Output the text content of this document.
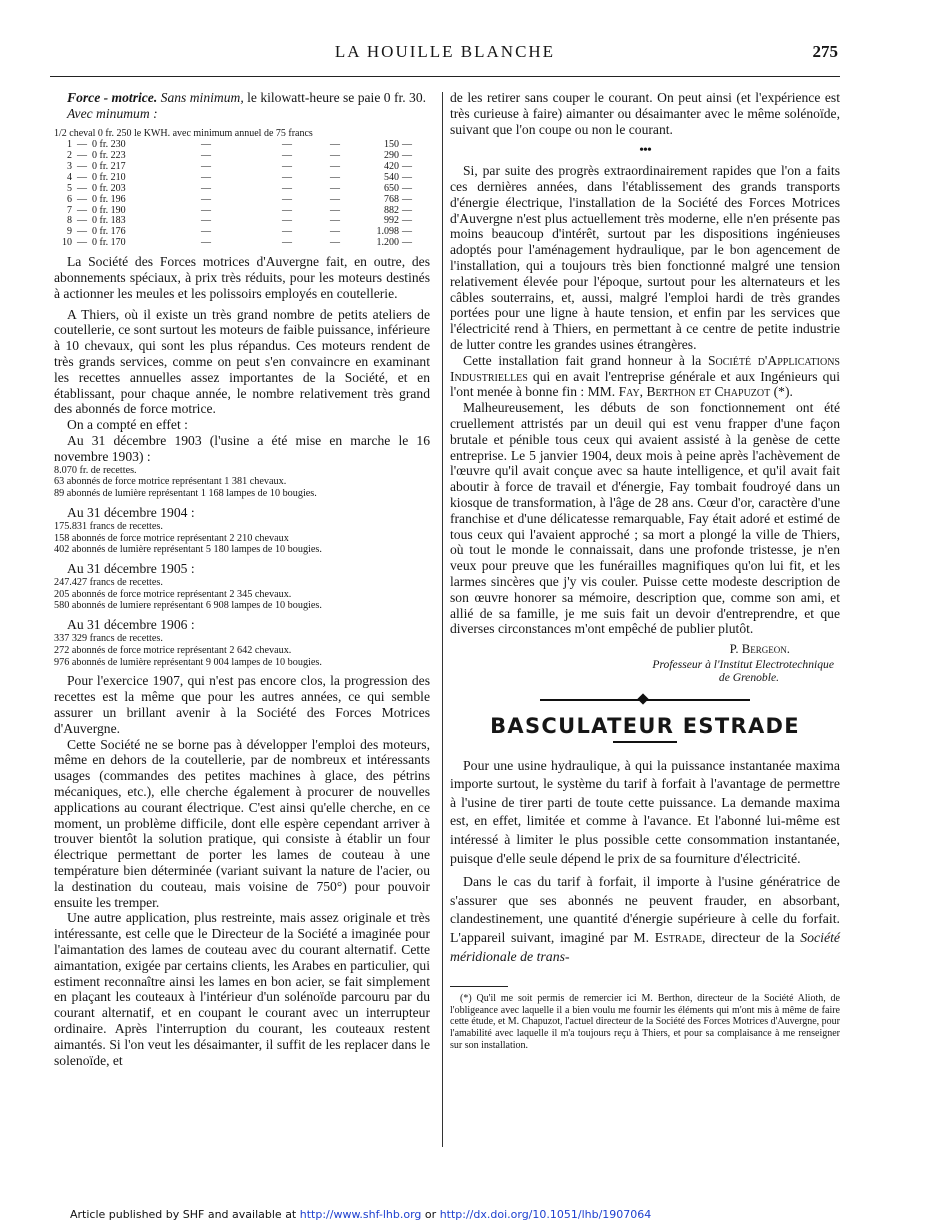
LA HOUILLE BLANCHE	275

Force - motrice. Sans minimum, le kilowatt-heure se paie 0 fr. 30.

Avec minumum :

1/2 cheval 0 fr. 250 le KWH. avec minimum annuel de 75 francs
1	—	0 fr. 230	—	—	—	150	—
2	—	0 fr. 223	—	—	—	290	—
3	—	0 fr. 217	—	—	—	420	—
4	—	0 fr. 210	—	—	—	540	—
5	—	0 fr. 203	—	—	—	650	—
6	—	0 fr. 196	—	—	—	768	—
7	—	0 fr. 190	—	—	—	882	—
8	—	0 fr. 183	—	—	—	992	—
9	—	0 fr. 176	—	—	—	1.098	—
10	—	0 fr. 170	—	—	—	1.200	—

La Société des Forces motrices d'Auvergne fait, en outre, des abonnements spéciaux, à prix très réduits, pour les moteurs destinés à actionner les meules et les polissoirs employés en coutellerie.

A Thiers, où il existe un très grand nombre de petits ateliers de coutellerie, ce sont surtout les moteurs de faible puissance, inférieure à 10 chevaux, qui sont les plus répandus. Ces moteurs rendent de très grands services, comme on peut s'en convaincre en examinant les recettes annuelles assez importantes de la Société, et en établissant, pour chaque année, le nombre relativement très grand des abonnés de force motrice.

On a compté en effet :

Au 31 décembre 1903 (l'usine a été mise en marche le 16 novembre 1903) :

8.070 fr. de recettes.
63 abonnés de force motrice représentant 1 381 chevaux.
89 abonnés de lumière représentant 1 168 lampes de 10 bougies.

Au 31 décembre 1904 :

175.831 francs de recettes.
158 abonnés de force motrice représentant 2 210 chevaux
402 abonnés de lumière représentant 5 180 lampes de 10 bougies.

Au 31 décembre 1905 :

247.427 francs de recettes.
205 abonnés de force motrice représentant 2 345 chevaux.
580 abonnés de lumiere représentant 6 908 lampes de 10 bougies.

Au 31 décembre 1906 :

337 329 francs de recettes.
272 abonnés de force motrice représentant 2 642 chevaux.
976 abonnés de lumière représentant 9 004 lampes de 10 bougies.

Pour l'exercice 1907, qui n'est pas encore clos, la progression des recettes est la même que pour les autres années, ce qui semble assurer un brillant avenir à la Société des Forces Motrices d'Auvergne.

Cette Société ne se borne pas à développer l'emploi des moteurs, même en dehors de la coutellerie, par de nombreux et intéressants usages (commandes des petites machines à glace, des pétrins mécaniques, etc.), elle cherche également à procurer de nouvelles applications au courant électrique. C'est ainsi qu'elle cherche, en ce moment, un problème difficile, dont elle espère cependant arriver à trouver bientôt la solution pratique, qui consiste à établir un four électrique permettant de porter les lames de couteau à une température bien déterminée (variant suivant la nature de l'acier, ou la destination du couteau, mais voisine de 750°) pour pouvoir ensuite les tremper.

Une autre application, plus restreinte, mais assez originale et très intéressante, est celle que le Directeur de la Société a imaginée pour l'aimantation des lames de couteau avec du courant alternatif. Cette aimantation, exigée par certains clients, les Arabes en particulier, qui estiment reconnaître ainsi les lames en bon acier, se fait simplement en plaçant les couteaux à l'intérieur d'un solénoïde parcouru par du courant alternatif, et en coupant le courant avec un interrupteur ordinaire. Après l'interruption du courant, les couteaux restent aimantés. Si l'on veut les désaimanter, il suffit de les replacer dans le solenoïde, et

de les retirer sans couper le courant. On peut ainsi (et l'expérience est très curieuse à faire) aimanter ou désaimanter avec le même solénoïde, suivant que l'on coupe ou non le courant.

•••

Si, par suite des progrès extraordinairement rapides que l'on a faits ces dernières années, dans l'établissement des grands transports d'énergie électrique, l'installation de la Société des Forces Motrices d'Auvergne n'est plus actuellement très moderne, elle n'en présente pas moins beaucoup d'intérêt, surtout par les dispositions ingénieuses adoptés pour l'aménagement hydraulique, par le bon agencement de l'installation, qui a toujours très bien fonctionné malgré une tension relativement élevée pour l'époque, surtout pour les alternateurs et les câbles souterrains, et, aussi, malgré l'emploi hardi de très grandes portées pour une ligne à haute tension, et enfin par les services que l'électricité rend à Thiers, en permettant à ce centre de petite industrie de lutter contre les grandes usines étrangères.

Cette installation fait grand honneur à la Société d'Applications Industrielles qui en avait l'entreprise générale et aux Ingénieurs qui l'ont menée à bonne fin : MM. Fay, Berthon et Chapuzot (*).

Malheureusement, les débuts de son fonctionnement ont été cruellement attristés par un deuil qui est venu frapper d'une façon brutale et pénible tous ceux qui avaient assisté à la genèse de cette entreprise. Le 5 janvier 1904, deux mois à peine après l'achèvement de l'œuvre qu'il avait conçue avec sa haute intelligence, et qu'il avait fait aboutir à force de travail et d'énergie, Fay tombait foudroyé dans un kiosque de transformation, à l'âge de 28 ans. Cœur d'or, caractère d'une franchise et d'une délicatesse remarquable, Fay était adoré et estimé de tous ceux qui l'avaient approché ; sa mort a plongé la ville de Thiers, où tout le monde le connaissait, dans une profonde tristesse, je n'en veux pour preuve que les funérailles magnifiques qu'on lui fit, et les larmes sincères que j'y vis couler. Puisse cette modeste description de son œuvre honorer sa mémoire, description que, comme son ami, et allié de sa famille, je me suis fait un devoir d'entreprendre, et que diverses circonstances m'ont empêché de publier plutôt.

P. Bergeon.

Professeur à l'Institut Electrotechnique
de Grenoble.

BASCULATEUR ESTRADE

Pour une usine hydraulique, à qui la puissance instantanée maxima importe surtout, le système du tarif à forfait à l'avantage de permettre à l'usine de tirer parti de toute cette puissance. La demande maxima est, en effet, limitée et comme à l'avance. Et l'abonné lui-même est intéressé à limiter le plus possible cette consommation instantanée, puisque d'elle seule dépend le prix de sa fourniture d'électricité.

Dans le cas du tarif à forfait, il importe à l'usine génératrice de s'assurer que ses abonnés ne peuvent frauder, en absorbant, clandestinement, une quantité d'énergie supérieure à celle du forfait. L'appareil suivant, imaginé par M. Estrade, directeur de la Société méridionale de trans-

(*) Qu'il me soit permis de remercier ici M. Berthon, directeur de la Société Alioth, de l'obligeance avec laquelle il a bien voulu me fournir les éléments qui m'ont mis à même de faire cette étude, et M. Chapuzot, l'actuel directeur de la Société des Forces Motrices d'Auvergne, pour l'amabilité avec laquelle il m'a toujours reçu à Thiers, et pour sa complaisance à me renseigner sur son installation.

Article published by SHF and available at http://www.shf-lhb.org or http://dx.doi.org/10.1051/lhb/1907064
